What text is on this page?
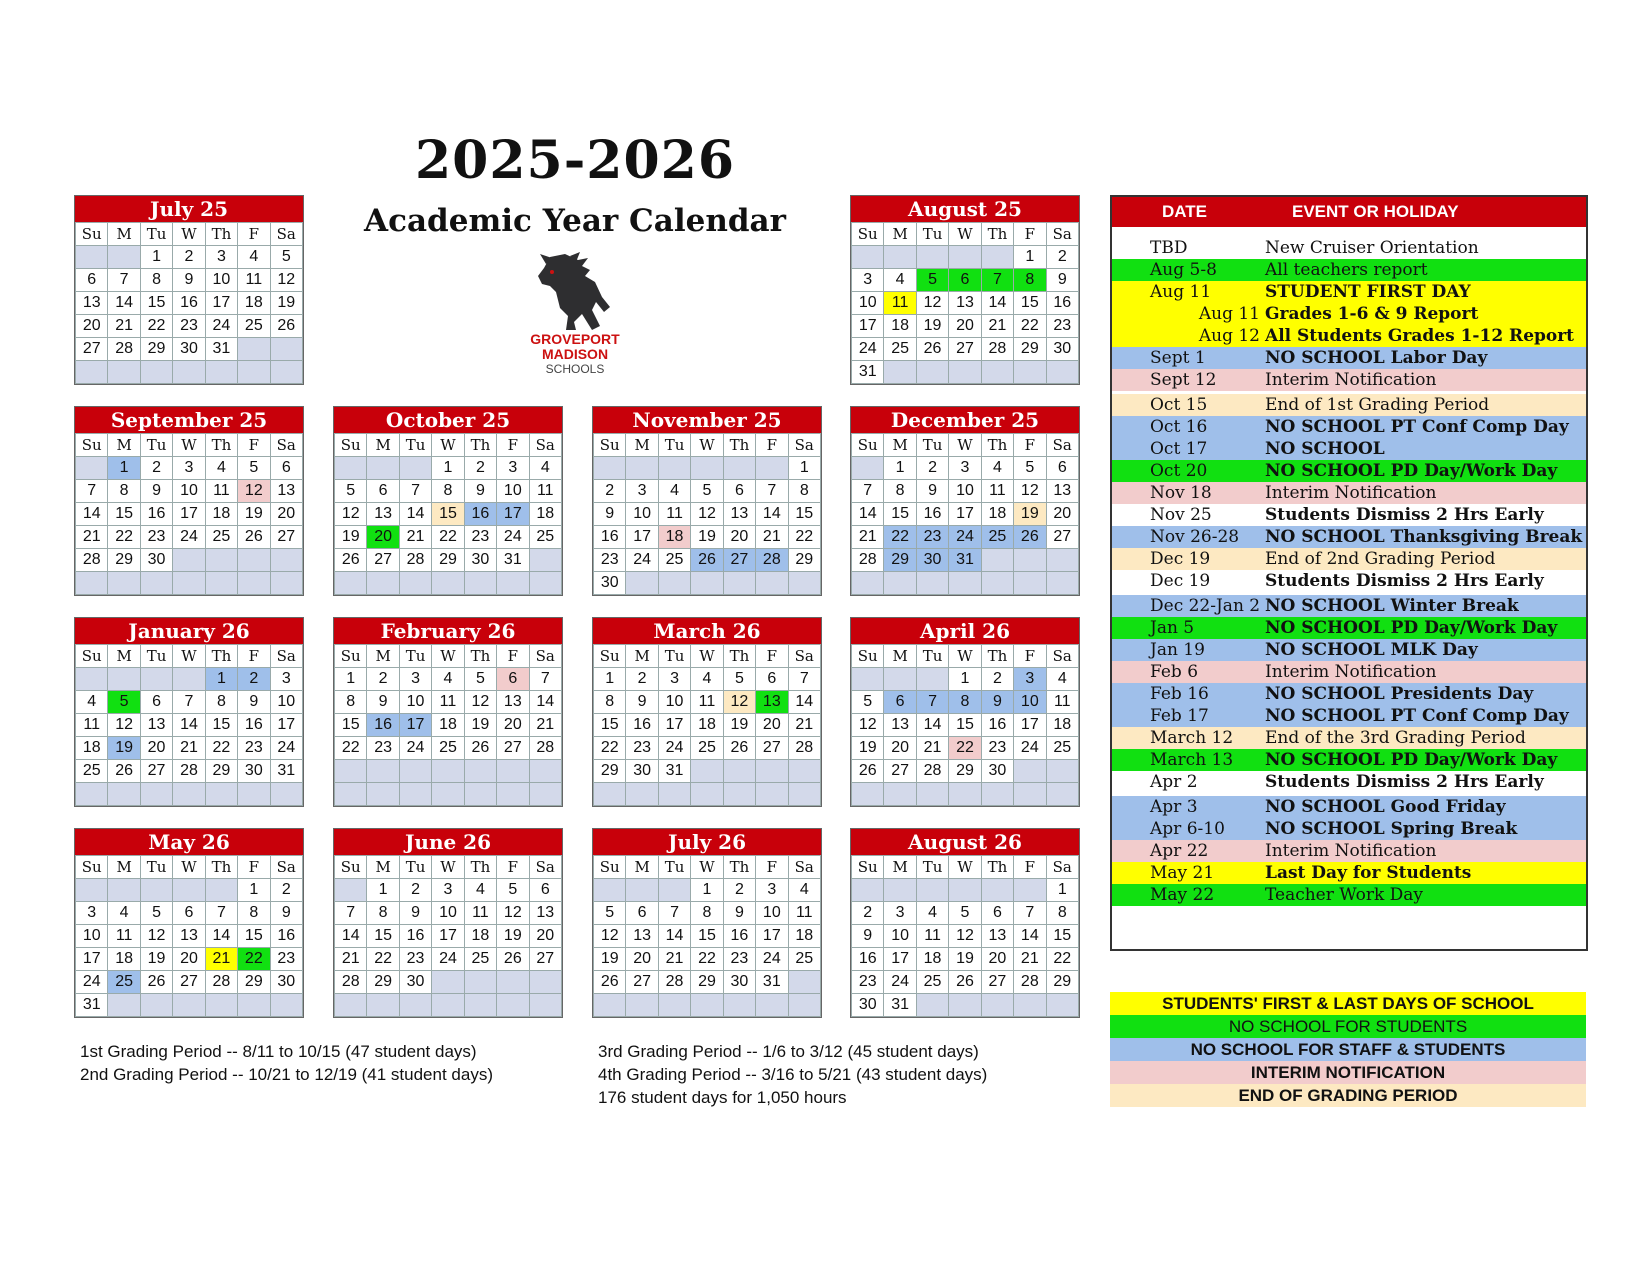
2025-2026
Academic Year Calendar
GROVEPORT
MADISON
SCHOOLS
July 25
Su	M	Tu	W	Th	F	Sa
		1	2	3	4	5
6	7	8	9	10	11	12
13	14	15	16	17	18	19
20	21	22	23	24	25	26
27	28	29	30	31		

August 25
Su	M	Tu	W	Th	F	Sa
					1	2
3	4	5	6	7	8	9
10	11	12	13	14	15	16
17	18	19	20	21	22	23
24	25	26	27	28	29	30
31						
September 25
Su	M	Tu	W	Th	F	Sa
	1	2	3	4	5	6
7	8	9	10	11	12	13
14	15	16	17	18	19	20
21	22	23	24	25	26	27
28	29	30				

October 25
Su	M	Tu	W	Th	F	Sa
			1	2	3	4
5	6	7	8	9	10	11
12	13	14	15	16	17	18
19	20	21	22	23	24	25
26	27	28	29	30	31	

November 25
Su	M	Tu	W	Th	F	Sa
						1
2	3	4	5	6	7	8
9	10	11	12	13	14	15
16	17	18	19	20	21	22
23	24	25	26	27	28	29
30						
December 25
Su	M	Tu	W	Th	F	Sa
	1	2	3	4	5	6
7	8	9	10	11	12	13
14	15	16	17	18	19	20
21	22	23	24	25	26	27
28	29	30	31			

January 26
Su	M	Tu	W	Th	F	Sa
				1	2	3
4	5	6	7	8	9	10
11	12	13	14	15	16	17
18	19	20	21	22	23	24
25	26	27	28	29	30	31

February 26
Su	M	Tu	W	Th	F	Sa
1	2	3	4	5	6	7
8	9	10	11	12	13	14
15	16	17	18	19	20	21
22	23	24	25	26	27	28

March 26
Su	M	Tu	W	Th	F	Sa
1	2	3	4	5	6	7
8	9	10	11	12	13	14
15	16	17	18	19	20	21
22	23	24	25	26	27	28
29	30	31				

April 26
Su	M	Tu	W	Th	F	Sa
			1	2	3	4
5	6	7	8	9	10	11
12	13	14	15	16	17	18
19	20	21	22	23	24	25
26	27	28	29	30		

May 26
Su	M	Tu	W	Th	F	Sa
					1	2
3	4	5	6	7	8	9
10	11	12	13	14	15	16
17	18	19	20	21	22	23
24	25	26	27	28	29	30
31						
June 26
Su	M	Tu	W	Th	F	Sa
	1	2	3	4	5	6
7	8	9	10	11	12	13
14	15	16	17	18	19	20
21	22	23	24	25	26	27
28	29	30				

July 26
Su	M	Tu	W	Th	F	Sa
			1	2	3	4
5	6	7	8	9	10	11
12	13	14	15	16	17	18
19	20	21	22	23	24	25
26	27	28	29	30	31	

August 26
Su	M	Tu	W	Th	F	Sa
						1
2	3	4	5	6	7	8
9	10	11	12	13	14	15
16	17	18	19	20	21	22
23	24	25	26	27	28	29
30	31					
DATE	EVENT OR HOLIDAY
TBD	New Cruiser Orientation
Aug 5-8	All teachers report
Aug 11	STUDENT FIRST DAY
Aug 11 Grades 1-6 & 9 Report
Aug 12 All Students Grades 1-12 Report
Sept 1	NO SCHOOL Labor Day
Sept 12	Interim Notification
Oct 15	End of 1st Grading Period
Oct 16	NO SCHOOL PT Conf Comp Day
Oct 17	NO SCHOOL
Oct 20	NO SCHOOL PD Day/Work Day
Nov 18	Interim Notification
Nov 25	Students Dismiss 2 Hrs Early
Nov 26-28	NO SCHOOL Thanksgiving Break
Dec 19	End of 2nd Grading Period
Dec 19	Students Dismiss 2 Hrs Early
Dec 22-Jan 2 NO SCHOOL Winter Break
Jan 5	NO SCHOOL PD Day/Work Day
Jan 19	NO SCHOOL MLK Day
Feb 6	Interim Notification
Feb 16	NO SCHOOL Presidents Day
Feb 17	NO SCHOOL PT Conf Comp Day
March 12	End of the 3rd Grading Period
March 13	NO SCHOOL PD Day/Work Day
Apr 2	Students Dismiss 2 Hrs Early
Apr 3	NO SCHOOL Good Friday
Apr 6-10	NO SCHOOL Spring Break
Apr 22	Interim Notification
May 21	Last Day for Students
May 22	Teacher Work Day
STUDENTS' FIRST & LAST DAYS OF SCHOOL
NO SCHOOL FOR STUDENTS
NO SCHOOL FOR STAFF & STUDENTS
INTERIM NOTIFICATION
END OF GRADING PERIOD
1st Grading Period -- 8/11 to 10/15 (47 student days)
2nd Grading Period -- 10/21 to 12/19 (41 student days)
3rd Grading Period -- 1/6 to 3/12 (45 student days)
4th Grading Period -- 3/16 to 5/21 (43 student days)
176 student days for 1,050 hours
